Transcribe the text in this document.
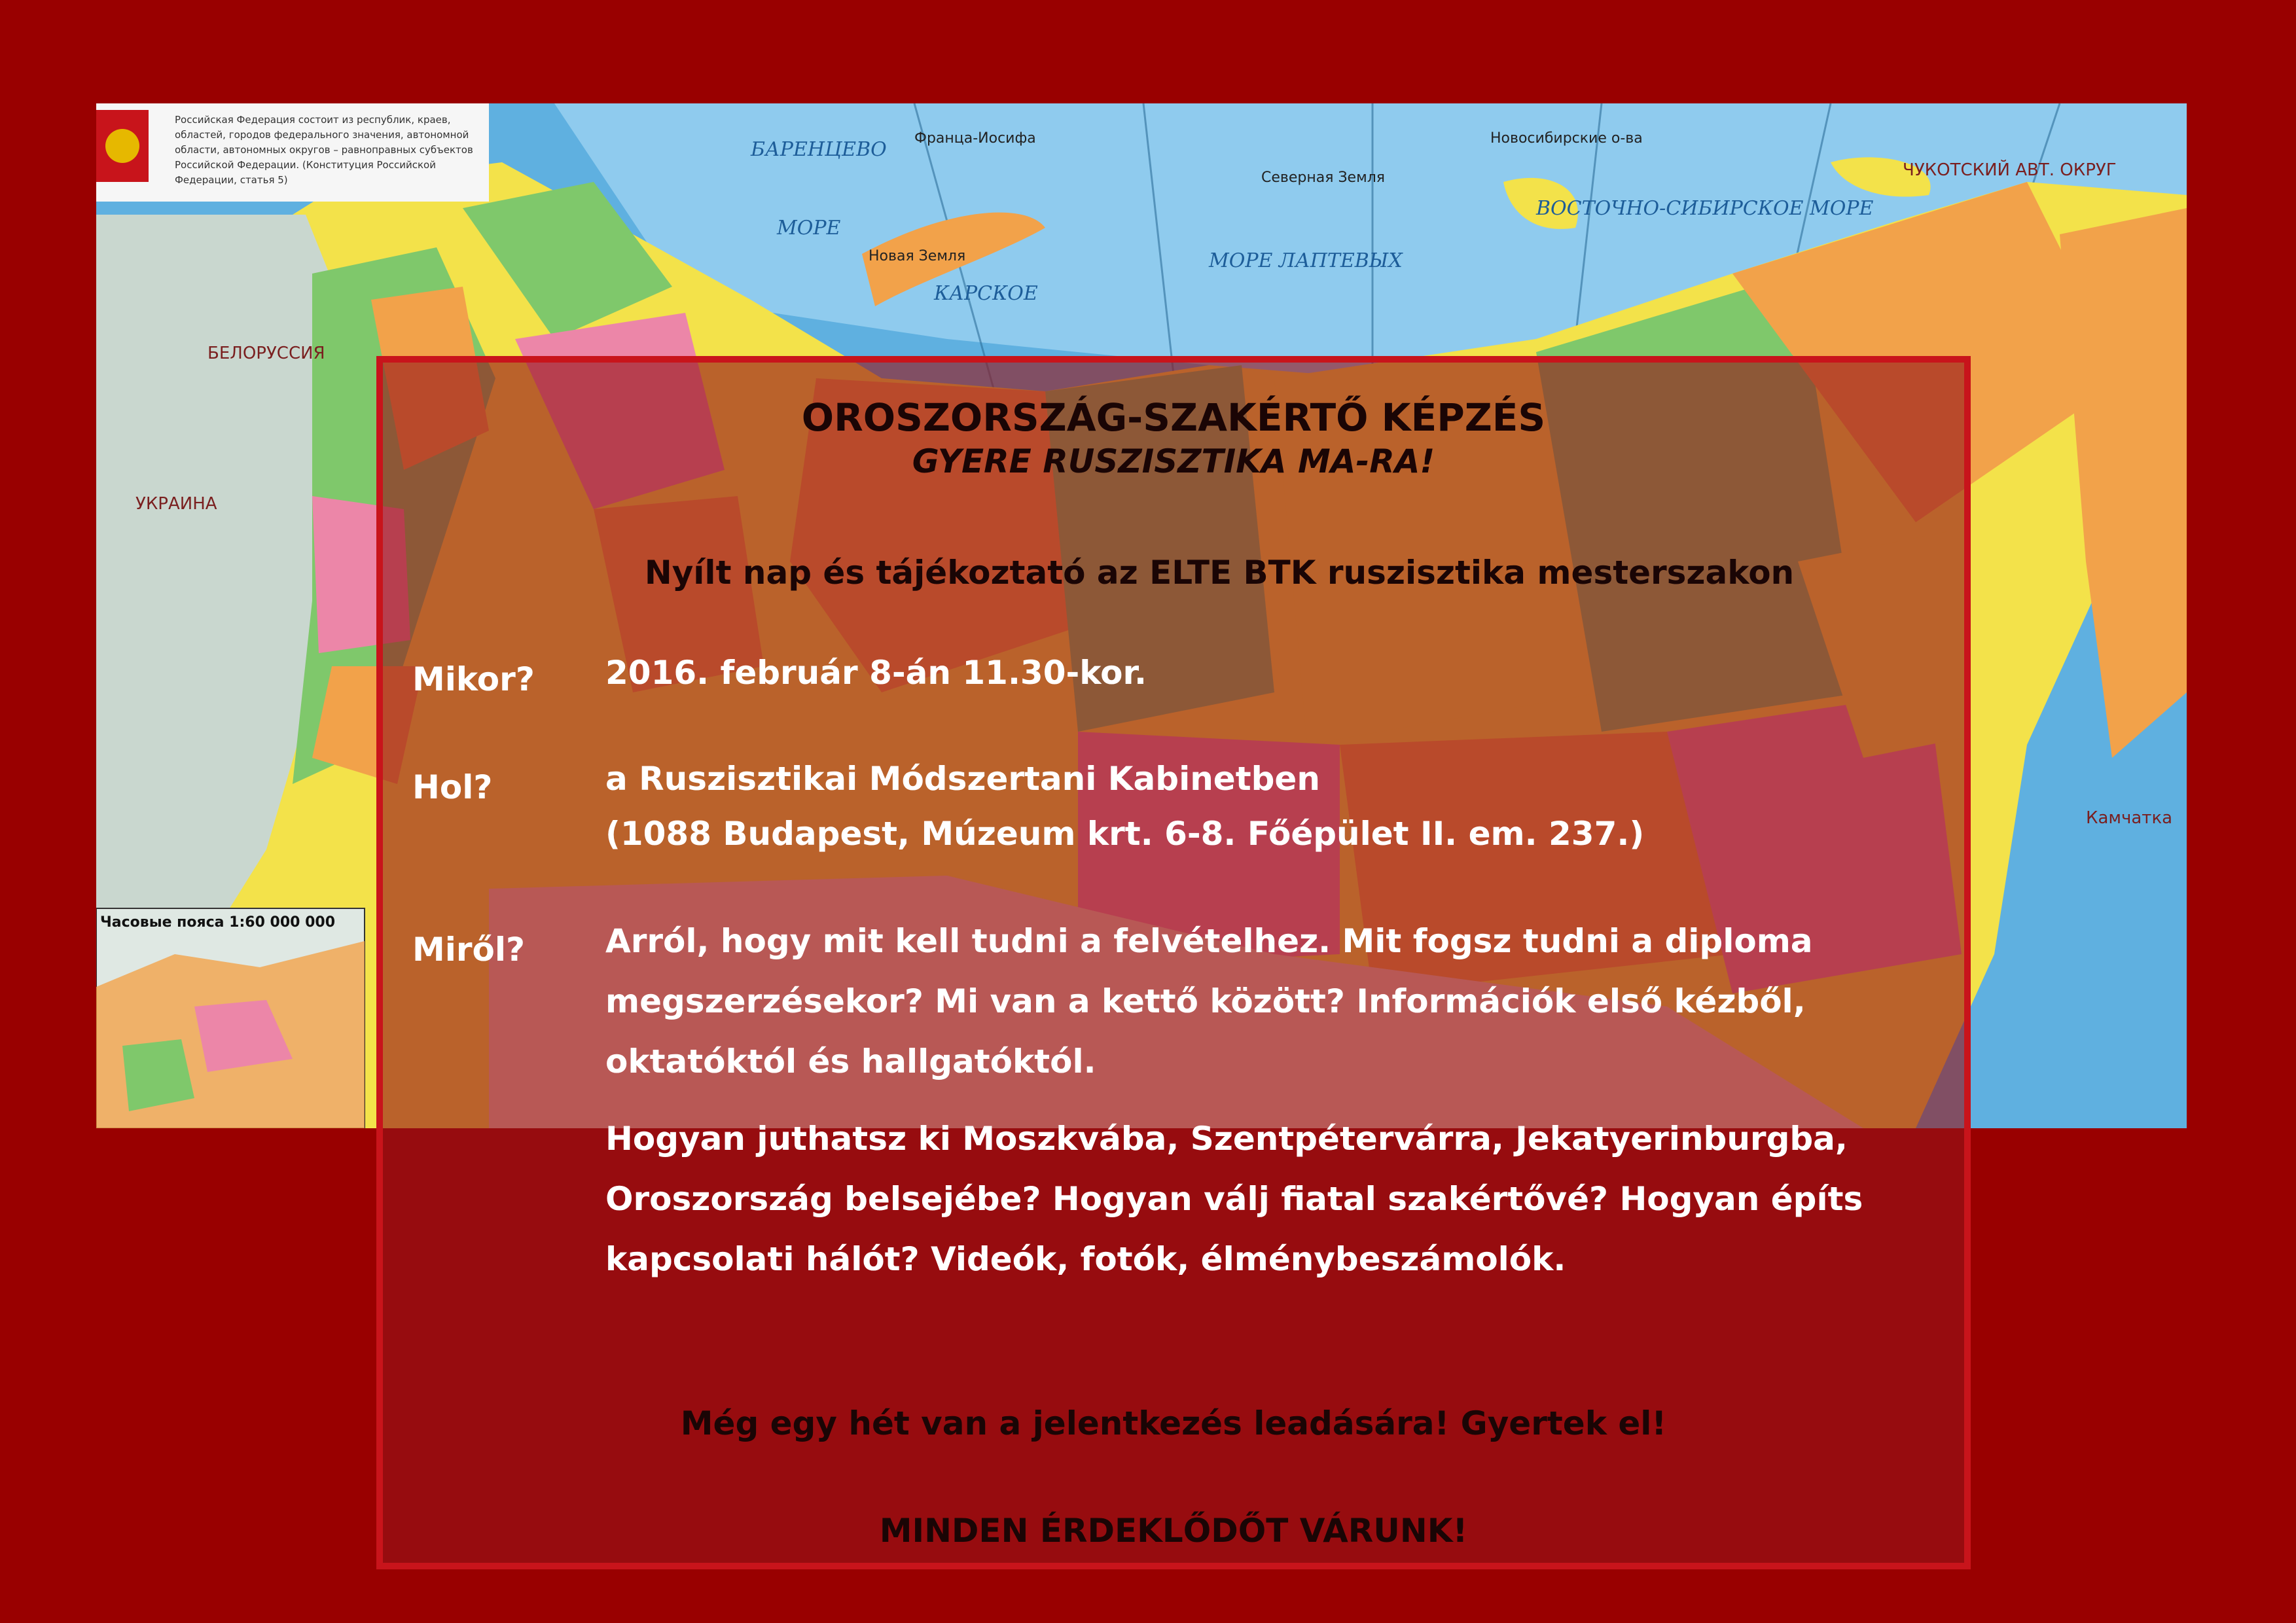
Часовые пояса 1:60 000 000
БАРЕНЦЕВО
МОРЕ
КАРСКОЕ
МОРЕ ЛАПТЕВЫХ
ВОСТОЧНО-СИБИРСКОЕ МОРЕ
Новая Земля
Франца-Иосифа
Северная Земля
Новосибирские о-ва
БЕЛОРУССИЯ
УКРАИНА
ЧУКОТСКИЙ АВТ. ОКРУГ
Камчатка
Российская Федерация состоит из республик, краев, областей, городов федерального значения, автономной области, автономных округов – равноправных субъектов Российской Федерации. (Конституция Российской Федерации, статья 5)
OROSZORSZÁG-SZAKÉRTŐ KÉPZÉS
GYERE RUSZISZTIKA MA-RA!
Nyílt nap és tájékoztató az ELTE BTK ruszisztika mesterszakon
Mikor? 2016. február 8-án 11.30-kor.
Hol?	a Ruszisztikai Módszertani Kabinetben
(1088 Budapest, Múzeum krt. 6-8. Főépület II. em. 237.)
Miről? Arról, hogy mit kell tudni a felvételhez. Mit fogsz tudni a diploma megszerzésekor? Mi van a kettő között? Információk első kézből, oktatóktól és hallgatóktól.
Hogyan juthatsz ki Moszkvába, Szentpétervárra, Jekatyerinburgba, Oroszország belsejébe? Hogyan válj fiatal szakértővé? Hogyan építs kapcsolati hálót? Videók, fotók, élménybeszámolók.
Még egy hét van a jelentkezés leadására! Gyertek el!
MINDEN ÉRDEKLŐDŐT VÁRUNK!
